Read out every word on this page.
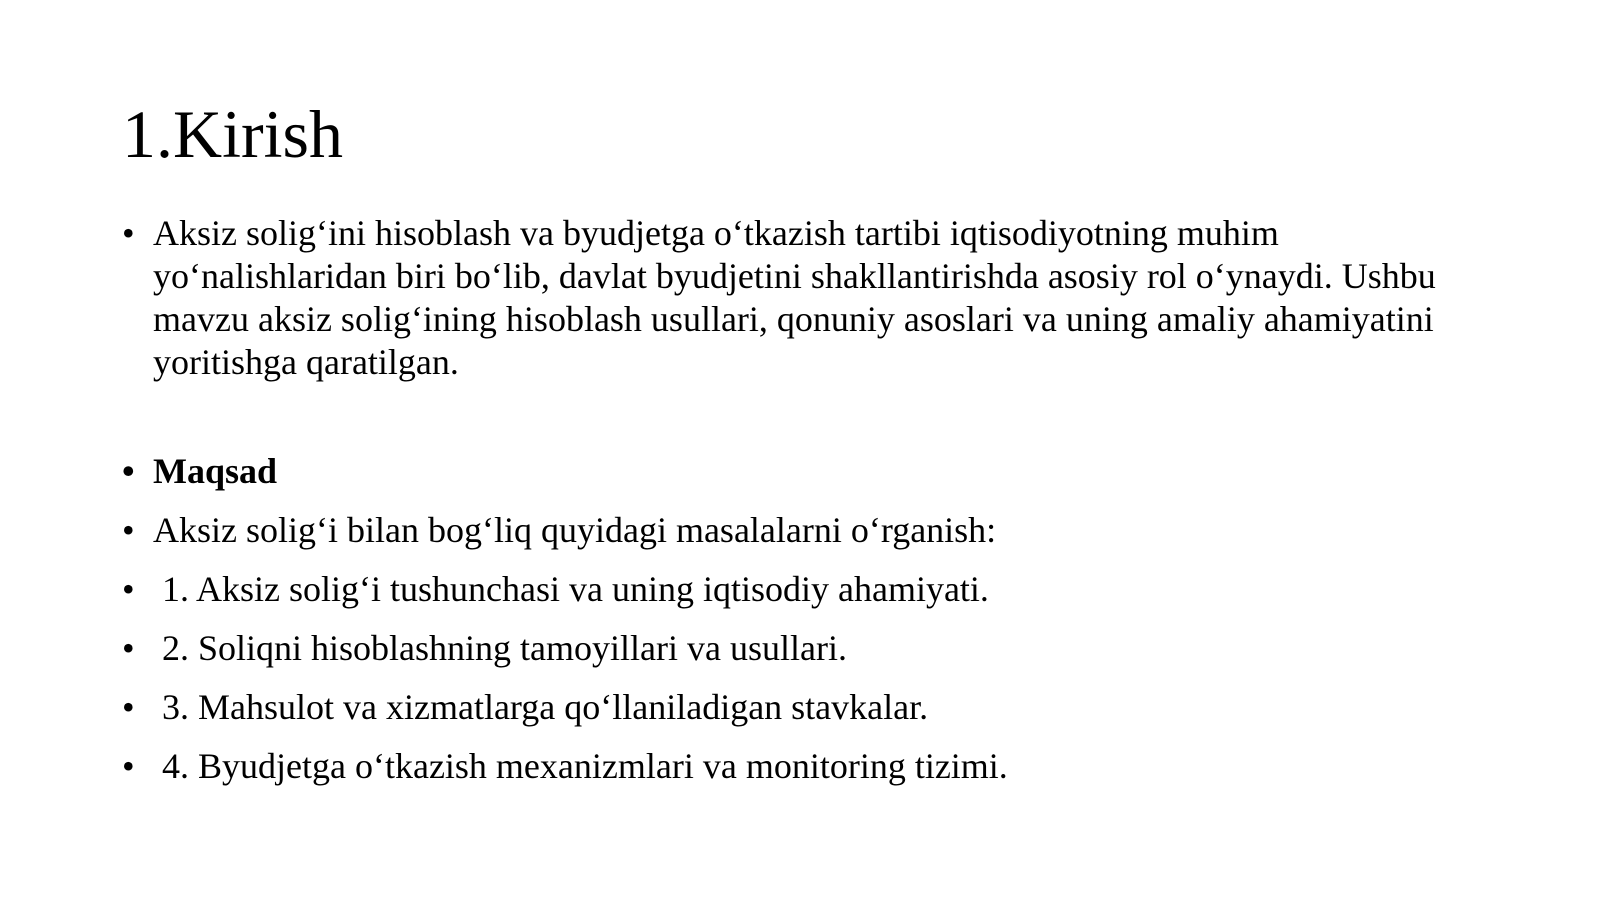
1.Kirish
• Aksiz solig‘ini hisoblash va byudjetga o‘tkazish tartibi iqtisodiyotning muhim yo‘nalishlaridan biri bo‘lib, davlat byudjetini shakllantirishda asosiy rol o‘ynaydi. Ushbu mavzu aksiz solig‘ining hisoblash usullari, qonuniy asoslari va uning amaliy ahamiyatini yoritishga qaratilgan.
• Maqsad
• Aksiz solig‘i bilan bog‘liq quyidagi masalalarni o‘rganish:
• 1. Aksiz solig‘i tushunchasi va uning iqtisodiy ahamiyati.
• 2. Soliqni hisoblashning tamoyillari va usullari.
• 3. Mahsulot va xizmatlarga qo‘llaniladigan stavkalar.
• 4. Byudjetga o‘tkazish mexanizmlari va monitoring tizimi.
